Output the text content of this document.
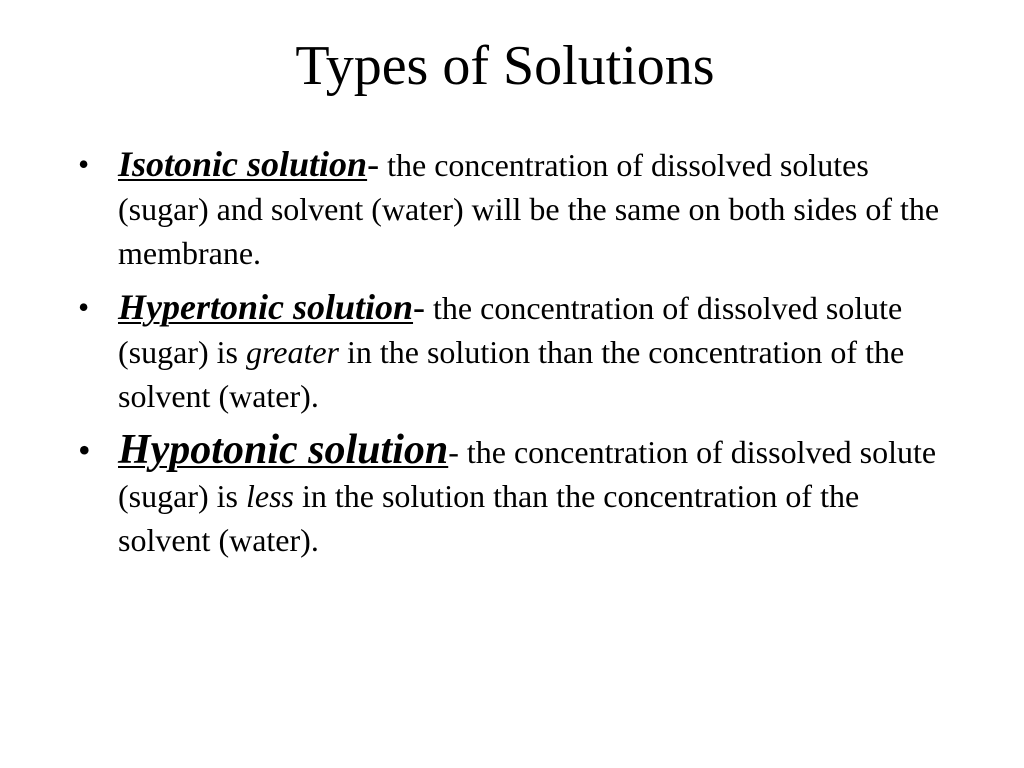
Types of Solutions
• Isotonic solution- the concentration of dissolved solutes (sugar) and solvent (water) will be the same on both sides of the membrane.
• Hypertonic solution- the concentration of dissolved solute (sugar) is greater in the solution than the concentration of the solvent (water).
• Hypotonic solution- the concentration of dissolved solute (sugar) is less in the solution than the concentration of the solvent (water).
